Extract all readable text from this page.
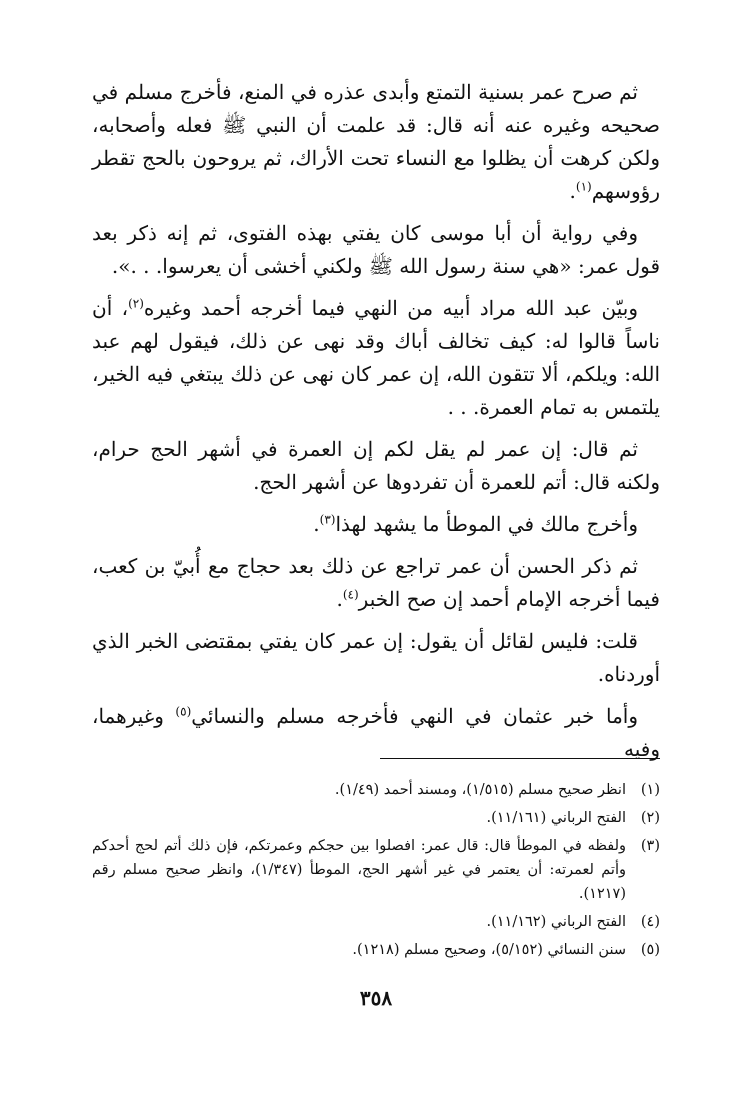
ثم صرح عمر بسنية التمتع وأبدى عذره في المنع، فأخرج مسلم في صحيحه وغيره عنه أنه قال: قد علمت أن النبي ﷺ فعله وأصحابه، ولكن كرهت أن يظلوا مع النساء تحت الأراك، ثم يروحون بالحج تقطر رؤوسهم$^{(١)}$.

وفي رواية أن أبا موسى كان يفتي بهذه الفتوى، ثم إنه ذكر بعد قول عمر: «هي سنة رسول الله ﷺ ولكني أخشى أن يعرسوا. . .».

وبيّن عبد الله مراد أبيه من النهي فيما أخرجه أحمد وغيره$^{(٢)}$، أن ناساً قالوا له: كيف تخالف أباك وقد نهى عن ذلك، فيقول لهم عبد الله: ويلكم، ألا تتقون الله، إن عمر كان نهى عن ذلك يبتغي فيه الخير، يلتمس به تمام العمرة. . .

ثم قال: إن عمر لم يقل لكم إن العمرة في أشهر الحج حرام، ولكنه قال: أتم للعمرة أن تفردوها عن أشهر الحج.

وأخرج مالك في الموطأ ما يشهد لهذا$^{(٣)}$.

ثم ذكر الحسن أن عمر تراجع عن ذلك بعد حجاج مع أُبيّ بن كعب، فيما أخرجه الإمام أحمد إن صح الخبر$^{(٤)}$.

قلت: فليس لقائل أن يقول: إن عمر كان يفتي بمقتضى الخبر الذي أوردناه.

وأما خبر عثمان في النهي فأخرجه مسلم والنسائي$^{(٥)}$ وغيرهما، وفيه

(١)
انظر صحيح مسلم (١/٥١٥)، ومسند أحمد (١/٤٩).
(٢)
الفتح الرباني (١١/١٦١).
(٣)
ولفظه في الموطأ قال: قال عمر: افصلوا بين حجكم وعمرتكم، فإن ذلك أتم لحج أحدكم وأتم لعمرته: أن يعتمر في غير أشهر الحج، الموطأ (١/٣٤٧)، وانظر صحيح مسلم رقم (١٢١٧).
(٤)
الفتح الرباني (١١/١٦٢).
(٥)
سنن النسائي (٥/١٥٢)، وصحيح مسلم (١٢١٨).
٣٥٨
